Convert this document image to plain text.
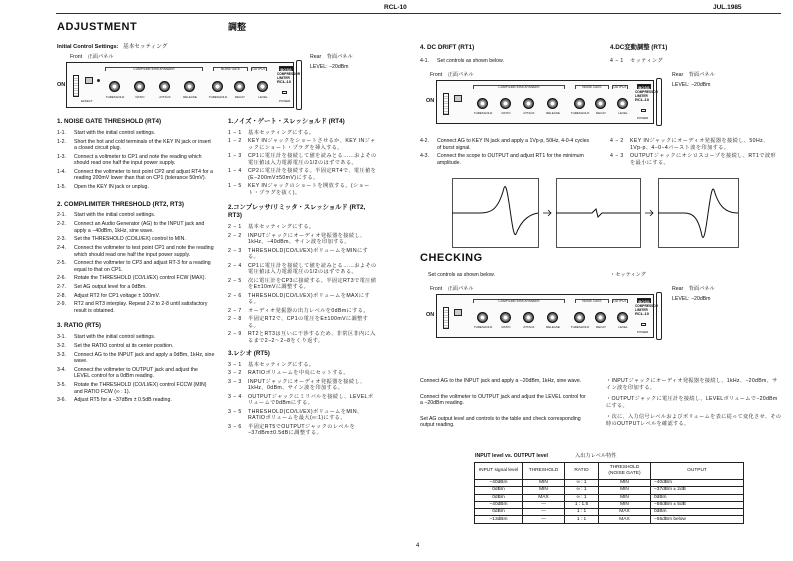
RCL-10	JUL.1985
ADJUSTMENT	調整
Initial Control Settings: 基本セッティング
Front 正面パネル	Rear 背面パネル
LEVEL: −20dBm
COMP/LIMITER/EXPANDER	NOISE GATE	OUTPUT	BOSS
COMPRESSOR
LIMITER
RCL-10
THRESHOLD	RATIO	ATTACK	RELEASE	THRESHOLD	DECAY	LEVEL
EFFECT	POWER
ON
1. NOISE GATE THRESHOLD (RT4)
1-1.	Start with the initial control settings.
1-2.	Short the hot and cold terminals of the KEY IN jack or insert a closed circuit plug.
1-3.	Connect a voltmeter to CP1 and note the reading which should read one half the input power supply.
1-4.	Connect the voltmeter to test point CP2 and adjust RT4 for a reading 200mV lower than that on CP1 (tolerance 50mV).
1-5.	Open the KEY IN jack or unplug.
2. COMP/LIMITER THRESHOLD (RT2, RT3)
2-1.	Start with the initial control settings.
2-2.	Connect an Audio Generator (AG) to the INPUT jack and apply a −40dBm, 1kHz, sine wave.
2-3.	Set the THRESHOLD (CO/LI/EX) control to MIN.
2-4.	Connect the voltmeter to test point CP1 and note the reading which should read one half the input power supply.
2-5.	Connect the voltmeter to CP3 and adjust RT-3 for a reading equal to that on CP1.
2-6.	Rotate the THRESHOLD (CO/LI/EX) control FCW (MAX).
2-7.	Set AG output level for a 0dBm.
2-8.	Adjust RT2 for CP1 voltage ± 100mV.
2-9.	RT2 and RT3 interplay. Repeat 2-2 to 2-8 until satisfactory result is obtained.
3. RATIO (RT5)
3-1.	Start with the initial control settings.
3-2.	Set the RATIO control at its center position.
3-3.	Connect AG to the INPUT jack and apply a 0dBm, 1kHz, sine wave.
3-4.	Connect the voltmeter to OUTPUT jack and adjust the LEVEL control for a 0dBm reading.
3-5.	Rotate the THRESHOLD (CO/LI/EX) control FCCW (MIN) and RATIO FCW (∞ : 1).
3-6.	Adjust RT5 for a −37dBm ± 0.5dB reading.
1.ノイズ・ゲート・スレッショルド (RT4)
1 − 1	基本セッティングにする。
1 − 2	KEY INジャックをショートさせるか、KEY INジャックにショート・プラグを挿入する。
1 − 3	CP1に電圧計を接続して値を読みとる……およその電圧値は入力電源電圧の1/2のはずである。
1 − 4	CP2に電圧計を接続する。半固定RT4で、電圧値を(E−200mV±50mV)にする。
1 − 5	KEY INジャックのショートを開放する。(ショート・プラグを抜く)。
2.コンプレッサ/リミッタ・スレッショルド (RT2, RT3)
2 − 1	基本セッティングにする。
2 − 2	INPUTジャックにオーディオ発振器を接続し、1kHz、−40dBm、サイン波を印加する。
2 − 3	THRESHOLD(CO/LI/EX)ボリュームをMINにする。
2 − 4	CP1に電圧計を接続して値を読みとる……およその電圧値は入力電源電圧の1/2のはずである。
2 − 5	次に電圧計をCP3に接続する。半固定RT3で電圧値をE±10mVに調整する。
2 − 6	THRESHOLD(CO/LI/EX)ボリュームをMAXにする。
2 − 7	オーディオ発振器の出力レベルを0dBmにする。
2 − 8	半固定RT2で、CP1の電圧をE±100mVに調整する。
2 − 9	RT2とRT3は互いに干渉するため、非常区非内に入るまで2−2〜2−8をくり返す。
3.レシオ (RT5)
3 − 1	基本セッティングにする。
3 − 2	RATIOボリュームを中央にセットする。
3 − 3	INPUTジャックにオーディオ発振器を接続し、1kHz、0dBm、サイン波を印加する。
3 − 4	OUTPUTジャックにミリバルを接続し、LEVELボリュームで0dBmにする。
3 − 5	THRESHOLD(CO/LI/EX)ボリュームをMIN、RATIOボリュームを最大(∞:1)にする。
3 − 6	半固定RT5でOUTPUTジャックのレベルを−37dBm±0.5dBに調整する。
4. DC DRIFT (RT1)	4.DC変動調整 (RT1)
4-1.	Set controls as shown below.	4 − 1	セッティング
Front 正面パネル	Rear 背面パネル
LEVEL: −20dBm
COMP/LIMITER/EXPANDER	NOISE GATE	OUTPUT	BOSS
COMPRESSOR
LIMITER
RCL-10
THRESHOLD	RATIO	ATTACK	RELEASE	THRESHOLD	DECAY	LEVEL
POWER
ON
4-2.	Connect AG to KEY IN jack and apply a 1Vp-p, 50Hz, 4-0-4 cycles of burst signal.
4-3.	Connect the scope to OUTPUT and adjust RT1 for the minimum amplitude.
4 − 2	KEY INジャックにオーディオ発振器を接続し、50Hz、1Vp-p、4−0−4バースト波を印加する。
4 − 3	OUTPUTジャックにオシロスコープを接続し、RT1で波形を最小にする。
CHECKING
Set controls as shown below.	・セッティング
Front 正面パネル	Rear 背面パネル
LEVEL: −20dBm
COMP/LIMITER/EXPANDER	NOISE GATE	OUTPUT	BOSS
COMPRESSOR
LIMITER
RCL-10
THRESHOLD	RATIO	ATTACK	RELEASE	THRESHOLD	DECAY	LEVEL
POWER
ON
Connect AG to the INPUT jack and apply a −20dBm, 1kHz, sine wave.
Connect the voltmeter to OUTPUT jack and adjust the LEVEL control for a −20dBm reading.
Set AG output level and controls to the table and check corresponding output reading.
・INPUTジャックにオーディオ発振器を接続し、1kHz、−20dBm、サイン波を印加する。
・OUTPUTジャックに電圧計を接続し、LEVELボリュームで−20dBmにする。
・次に、入力信号レベルおよびボリュームを表に従って変化させ、その時のOUTPUTレベルを確認する。
INPUT level vs. OUTPUT level	入出力レベル特性
INPUT signal level	THRESHOLD	RATIO	THRESHOLD (NOISE GATE)	OUTPUT
−40dBm	MIN	∞ : 1	MIN	−40dBm
0dBm	MIN	∞ : 1	MIN	−37dBm ± 2dB
0dBm	MAX	∞ : 1	MIN	0dBm
−40dBm	—	1 : 1.5	MIN	−58dBm ± 5dB
0dBm	—	1 : 1	MAX	0dBm
−13dBm	—	1 : 1	MAX	−65dBm below
4
